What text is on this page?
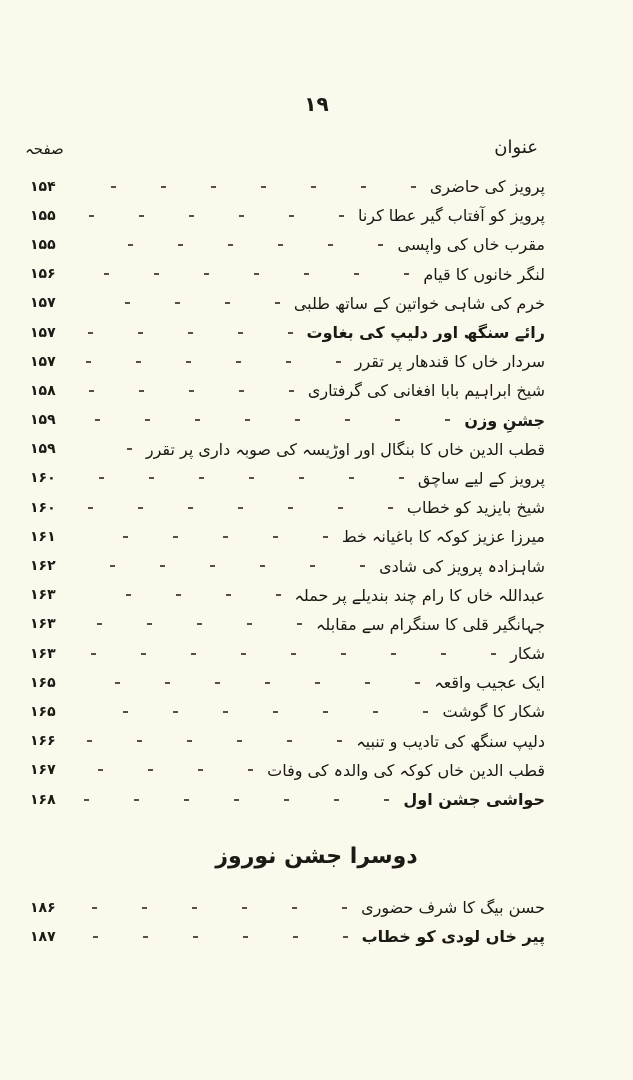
۱۹
عنوان
صفحہ
پرویز کی حاضری
۱۵۴
پرویز کو آفتاب گیر عطا کرنا
۱۵۵
مقرب خاں کی واپسی
۱۵۵
لنگر خانوں کا قیام
۱۵۶
خرم کی شاہی خواتین کے ساتھ طلبی
۱۵۷
رائے سنگھ اور دلیپ کی بغاوت
۱۵۷
سردار خاں کا قندھار پر تقرر
۱۵۷
شیخ ابراہیم بابا افغانی کی گرفتاری
۱۵۸
جشنِ وزن
۱۵۹
قطب الدین خاں کا بنگال اور اوڑیسہ کی صوبہ داری پر تقرر
۱۵۹
پرویز کے لیے ساچق
۱۶۰
شیخ بایزید کو خطاب
۱۶۰
میرزا عزیز کوکہ کا باغیانہ خط
۱۶۱
شاہزادہ پرویز کی شادی
۱۶۲
عبداللہ خاں کا رام چند بندیلے پر حملہ
۱۶۳
جہانگیر قلی کا سنگرام سے مقابلہ
۱۶۳
شکار
۱۶۳
ایک عجیب واقعہ
۱۶۵
شکار کا گوشت
۱۶۵
دلیپ سنگھ کی تادیب و تنبیہ
۱۶۶
قطب الدین خاں کوکہ کی والدہ کی وفات
۱۶۷
حواشی جشن اول
۱۶۸
دوسرا جشن نوروز
حسن بیگ کا شرف حضوری
۱۸۶
پیر خاں لودی کو خطاب
۱۸۷
